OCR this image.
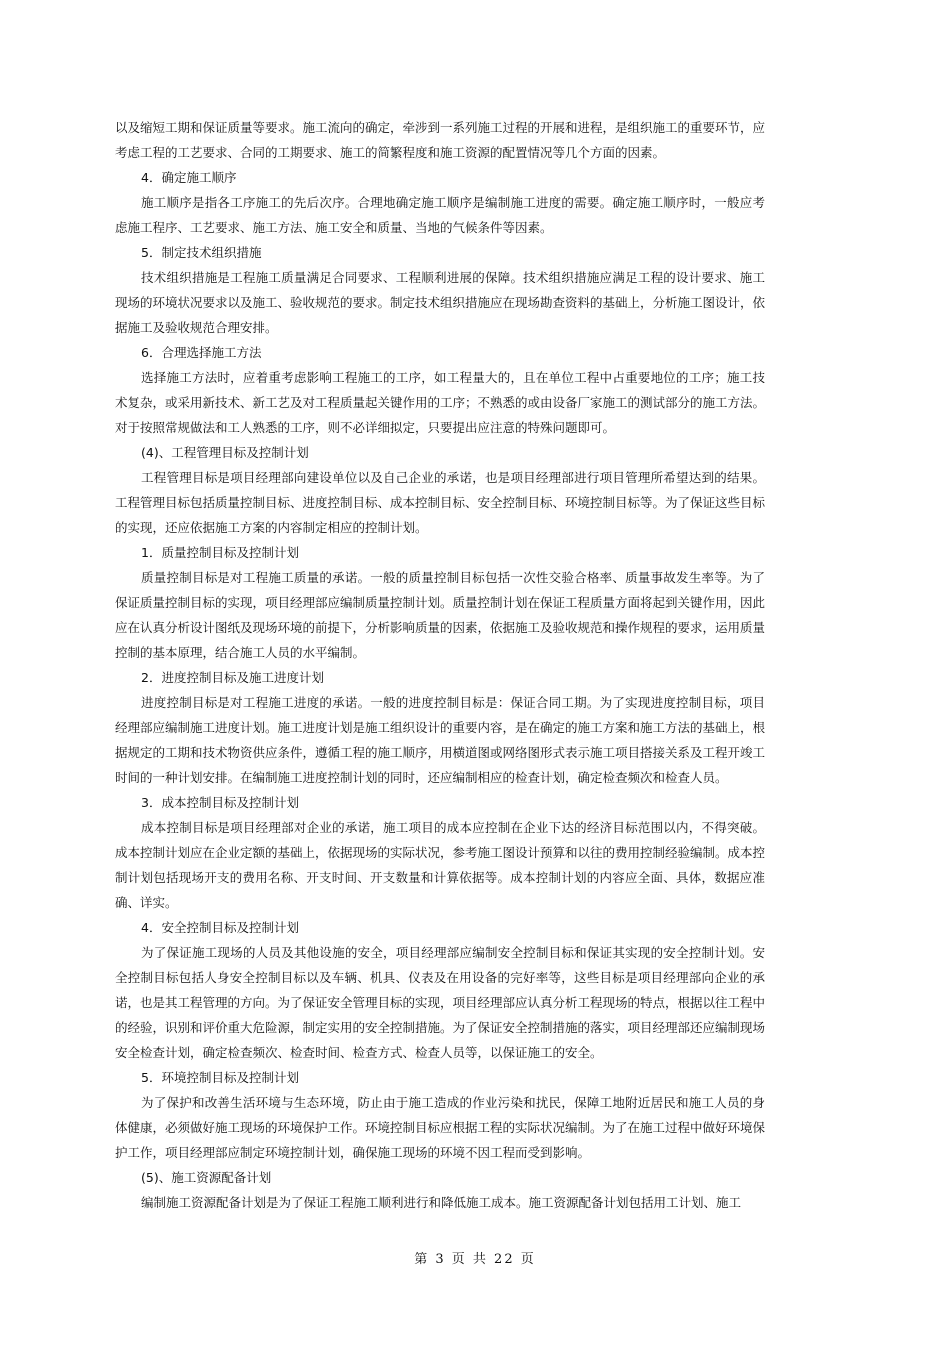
以及缩短工期和保证质量等要求。施工流向的确定，牵涉到一系列施工过程的开展和进程，是组织施工的重要环节，应考虑工程的工艺要求、合同的工期要求、施工的简繁程度和施工资源的配置情况等几个方面的因素。

4．确定施工顺序

施工顺序是指各工序施工的先后次序。合理地确定施工顺序是编制施工进度的需要。确定施工顺序时，一般应考虑施工程序、工艺要求、施工方法、施工安全和质量、当地的气候条件等因素。

5．制定技术组织措施

技术组织措施是工程施工质量满足合同要求、工程顺利进展的保障。技术组织措施应满足工程的设计要求、施工现场的环境状况要求以及施工、验收规范的要求。制定技术组织措施应在现场勘查资料的基础上，分析施工图设计，依据施工及验收规范合理安排。

6．合理选择施工方法

选择施工方法时，应着重考虑影响工程施工的工序，如工程量大的，且在单位工程中占重要地位的工序；施工技术复杂，或采用新技术、新工艺及对工程质量起关键作用的工序；不熟悉的或由设备厂家施工的测试部分的施工方法。对于按照常规做法和工人熟悉的工序，则不必详细拟定，只要提出应注意的特殊问题即可。

(4)、工程管理目标及控制计划

工程管理目标是项目经理部向建设单位以及自己企业的承诺，也是项目经理部进行项目管理所希望达到的结果。工程管理目标包括质量控制目标、进度控制目标、成本控制目标、安全控制目标、环境控制目标等。为了保证这些目标的实现，还应依据施工方案的内容制定相应的控制计划。

1．质量控制目标及控制计划

质量控制目标是对工程施工质量的承诺。一般的质量控制目标包括一次性交验合格率、质量事故发生率等。为了保证质量控制目标的实现，项目经理部应编制质量控制计划。质量控制计划在保证工程质量方面将起到关键作用，因此应在认真分析设计图纸及现场环境的前提下，分析影响质量的因素，依据施工及验收规范和操作规程的要求，运用质量控制的基本原理，结合施工人员的水平编制。

2．进度控制目标及施工进度计划

进度控制目标是对工程施工进度的承诺。一般的进度控制目标是：保证合同工期。为了实现进度控制目标，项目经理部应编制施工进度计划。施工进度计划是施工组织设计的重要内容，是在确定的施工方案和施工方法的基础上，根据规定的工期和技术物资供应条件，遵循工程的施工顺序，用横道图或网络图形式表示施工项目搭接关系及工程开竣工时间的一种计划安排。在编制施工进度控制计划的同时，还应编制相应的检查计划，确定检查频次和检查人员。

3．成本控制目标及控制计划

成本控制目标是项目经理部对企业的承诺，施工项目的成本应控制在企业下达的经济目标范围以内，不得突破。成本控制计划应在企业定额的基础上，依据现场的实际状况，参考施工图设计预算和以往的费用控制经验编制。成本控制计划包括现场开支的费用名称、开支时间、开支数量和计算依据等。成本控制计划的内容应全面、具体，数据应准确、详实。

4．安全控制目标及控制计划

为了保证施工现场的人员及其他设施的安全，项目经理部应编制安全控制目标和保证其实现的安全控制计划。安全控制目标包括人身安全控制目标以及车辆、机具、仪表及在用设备的完好率等，这些目标是项目经理部向企业的承诺，也是其工程管理的方向。为了保证安全管理目标的实现，项目经理部应认真分析工程现场的特点，根据以往工程中的经验，识别和评价重大危险源，制定实用的安全控制措施。为了保证安全控制措施的落实，项目经理部还应编制现场安全检查计划，确定检查频次、检查时间、检查方式、检查人员等，以保证施工的安全。

5．环境控制目标及控制计划

为了保护和改善生活环境与生态环境，防止由于施工造成的作业污染和扰民，保障工地附近居民和施工人员的身体健康，必须做好施工现场的环境保护工作。环境控制目标应根据工程的实际状况编制。为了在施工过程中做好环境保护工作，项目经理部应制定环境控制计划，确保施工现场的环境不因工程而受到影响。

(5)、施工资源配备计划

编制施工资源配备计划是为了保证工程施工顺利进行和降低施工成本。施工资源配备计划包括用工计划、施工

第 3 页 共 22 页
